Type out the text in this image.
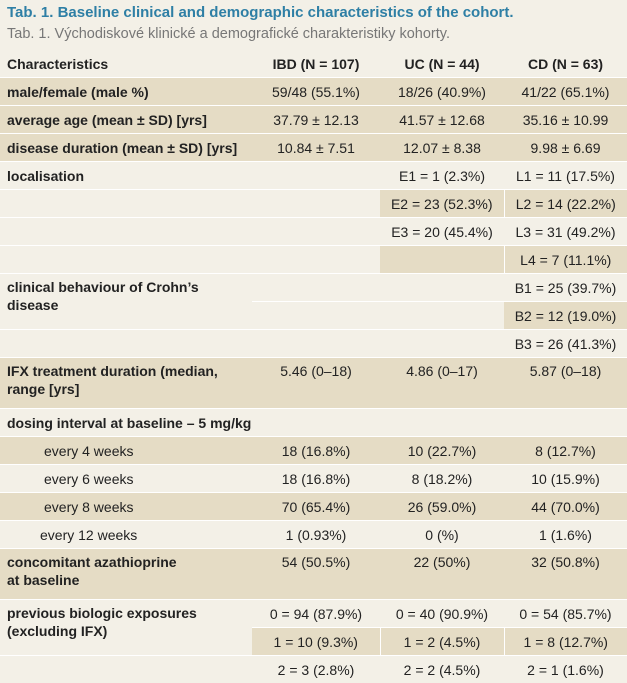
Tab. 1. Baseline clinical and demographic characteristics of the cohort.
Tab. 1. Východiskové klinické a demografické charakteristiky kohorty.
Characteristics	IBD (N = 107)	UC (N = 44)	CD (N = 63)
male/female (male %)	59/48 (55.1%)	18/26 (40.9%)	41/22 (65.1%)
average age (mean ± SD) [yrs]	37.79 ± 12.13	41.57 ± 12.68	35.16 ± 10.99
disease duration (mean ± SD) [yrs]	10.84 ± 7.51	12.07 ± 8.38	9.98 ± 6.69
localisation		E1 = 1 (2.3%)	L1 = 11 (17.5%)
		E2 = 23 (52.3%)	L2 = 14 (22.2%)
		E3 = 20 (45.4%)	L3 = 31 (49.2%)
			L4 = 7 (11.1%)

clinical behaviour of Crohn’s
disease			B1 = 25 (39.7%)
			B2 = 12 (19.0%)
			B3 = 26 (41.3%)

IFX treatment duration (median,
range [yrs]	5.46 (0–18)	4.86 (0–17)	5.87 (0–18)
dosing interval at baseline – 5 mg/kg			
every 4 weeks	18 (16.8%)	10 (22.7%)	8 (12.7%)
every 6 weeks	18 (16.8%)	8 (18.2%)	10 (15.9%)
every 8 weeks	70 (65.4%)	26 (59.0%)	44 (70.0%)
every 12 weeks	1 (0.93%)	0 (%)	1 (1.6%)

concomitant azathioprine
at baseline	54 (50.5%)	22 (50%)	32 (50.8%)

previous biologic exposures
(excluding IFX)	0 = 94 (87.9%)	0 = 40 (90.9%)	0 = 54 (85.7%)
	1 = 10 (9.3%)	1 = 2 (4.5%)	1 = 8 (12.7%)
	2 = 3 (2.8%)	2 = 2 (4.5%)	2 = 1 (1.6%)
